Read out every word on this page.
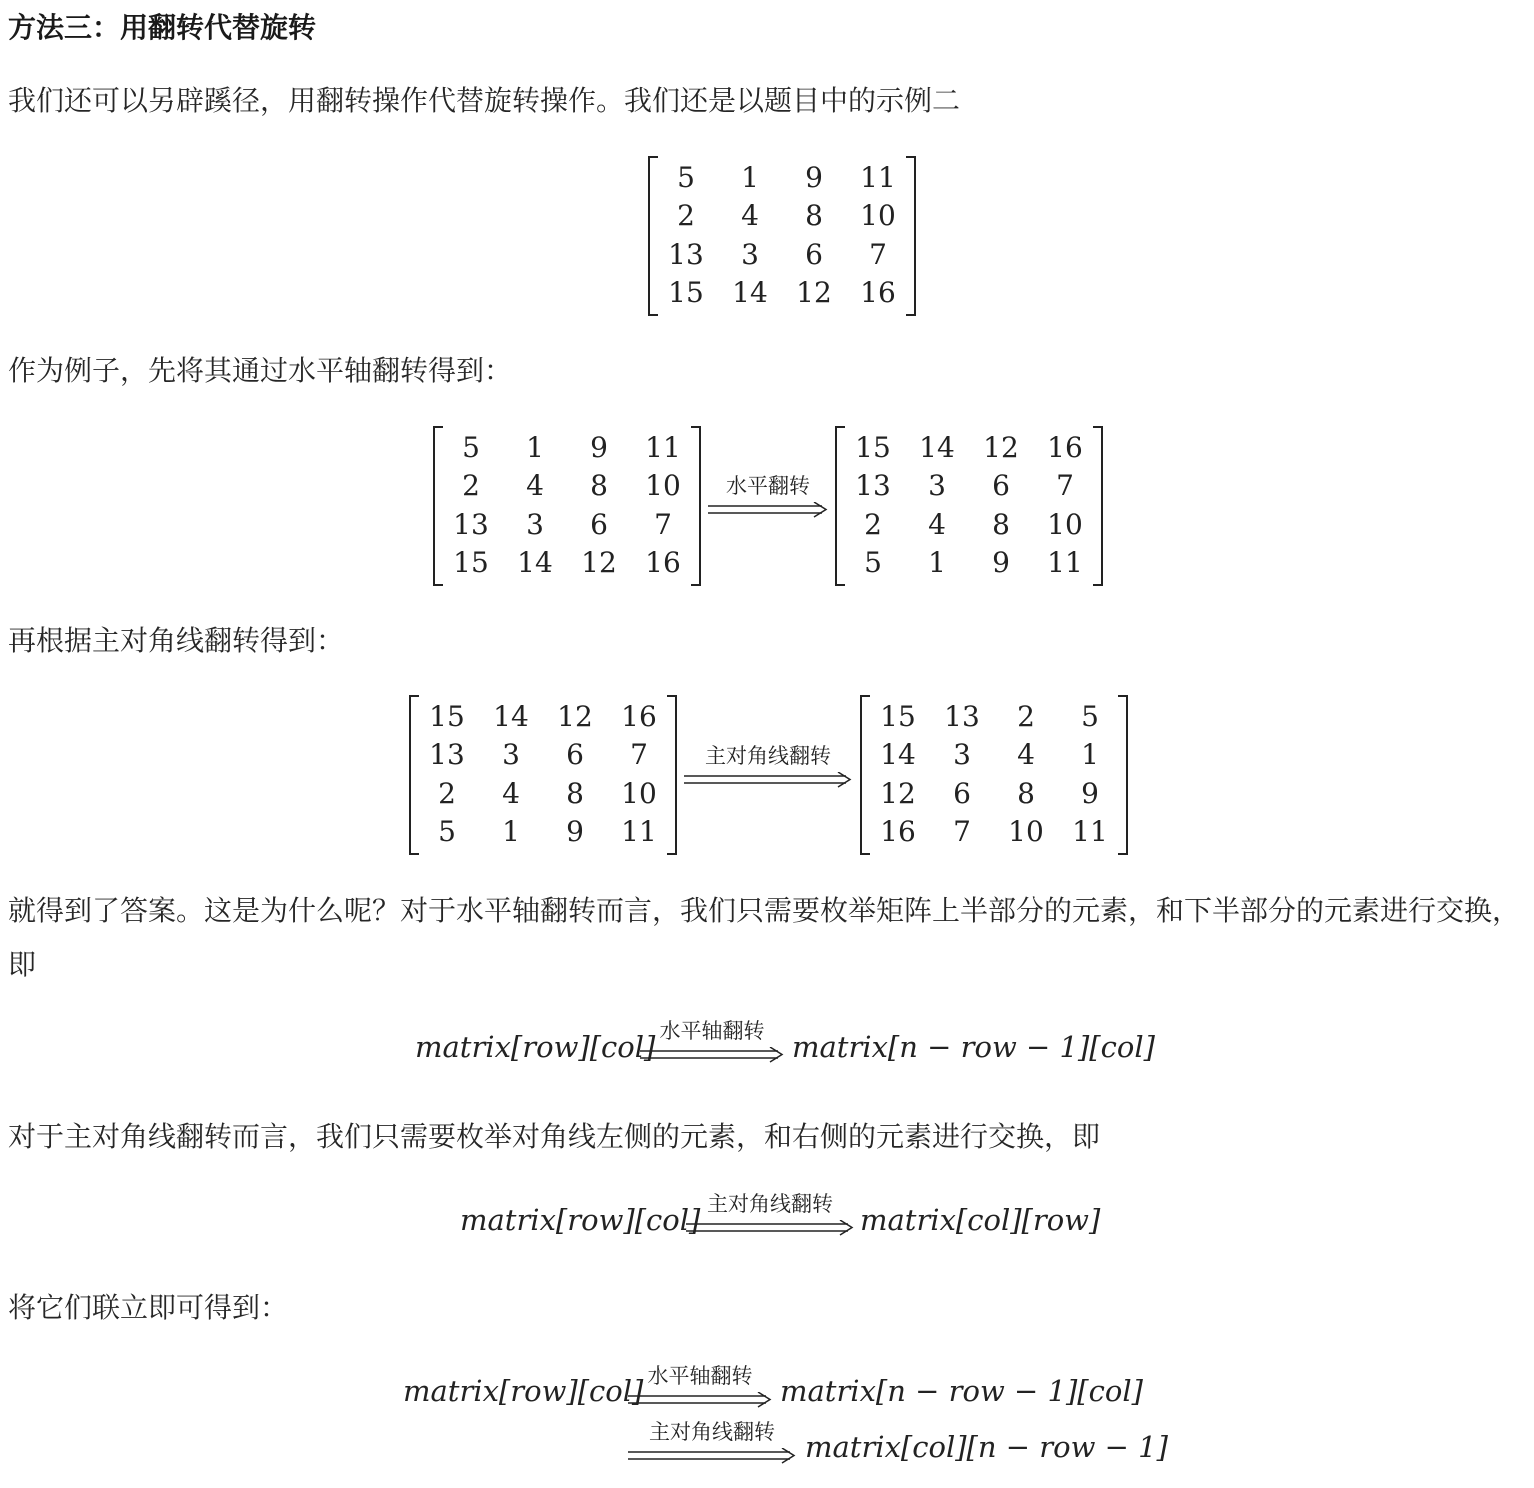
方法三：用翻转代替旋转
我们还可以另辟蹊径，用翻转操作代替旋转操作。我们还是以题目中的示例二
5 1 9 11
2 4 8 10
13 3 6 7
15 14 12 16
作为例子，先将其通过水平轴翻转得到：
5 1 9 11
2 4 8 10
13 3 6 7
15 14 12 16
水平翻转
15 14 12 16
13 3 6 7
2 4 8 10
5 1 9 11
再根据主对角线翻转得到：
15 14 12 16
13 3 6 7
2 4 8 10
5 1 9 11
主对角线翻转
15 13 2 5
14 3 4 1
12 6 8 9
16 7 10 11
就得到了答案。这是为什么呢？对于水平轴翻转而言，我们只需要枚举矩阵上半部分的元素，和下半部分的元素进行交换，即
matrix[row][col] 水平轴翻转 matrix[n − row − 1][col]
对于主对角线翻转而言，我们只需要枚举对角线左侧的元素，和右侧的元素进行交换，即
matrix[row][col] 主对角线翻转 matrix[col][row]
将它们联立即可得到：
matrix[row][col] 水平轴翻转 matrix[n − row − 1][col]
主对角线翻转	matrix[col][n − row − 1]
